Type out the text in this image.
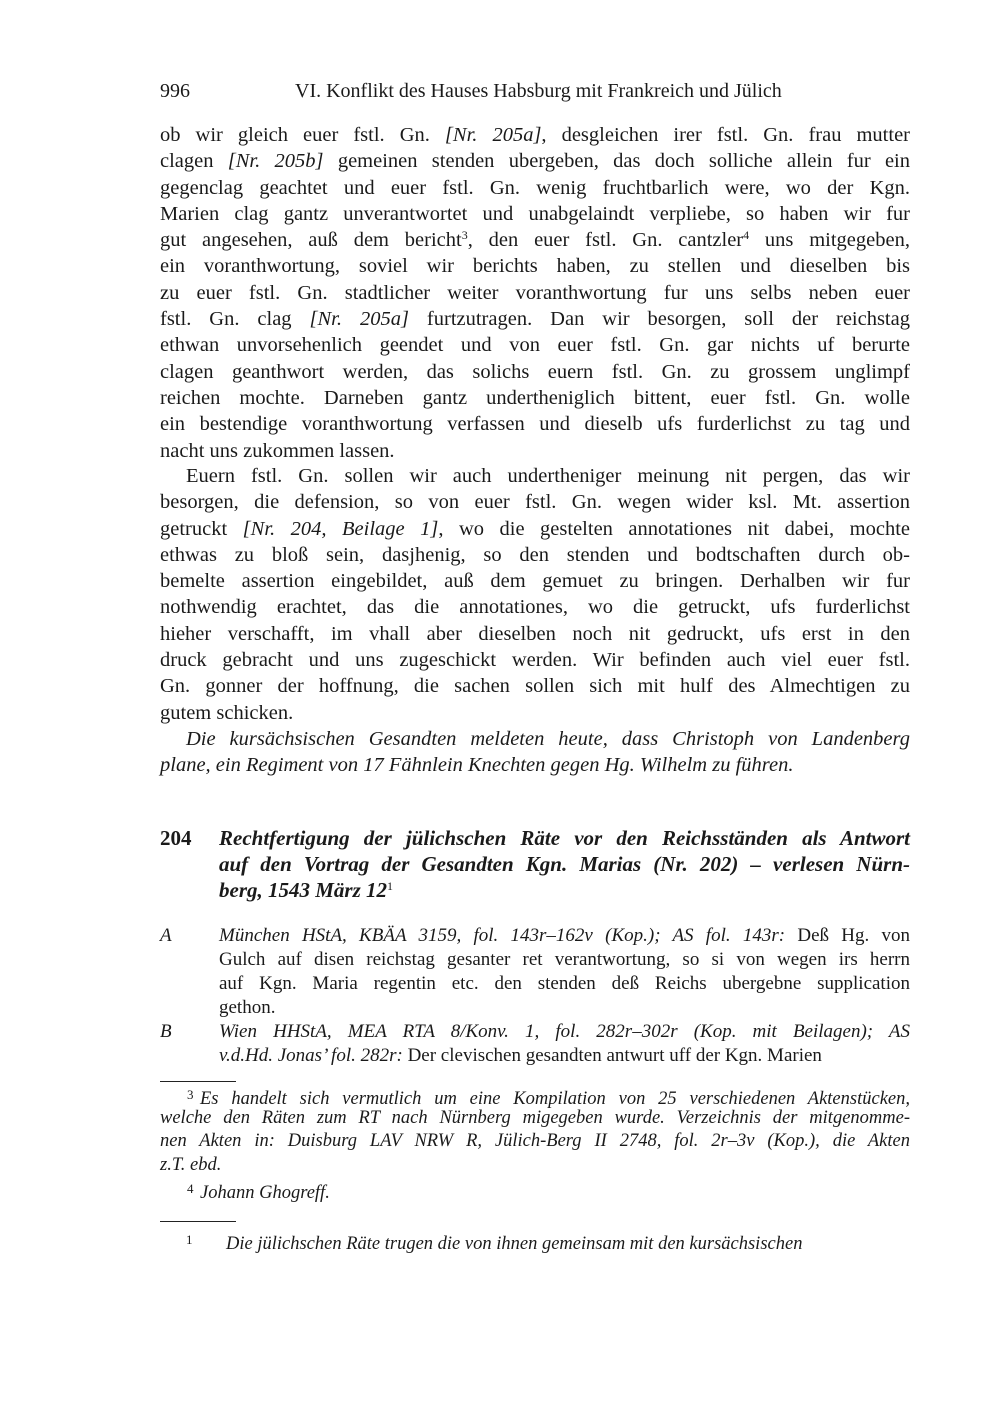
996	VI. Konflikt des Hauses Habsburg mit Frankreich und Jülich
ob wir gleich euer fstl. Gn. [Nr. 205a], desgleichen irer fstl. Gn. frau mutter
clagen [Nr. 205b] gemeinen stenden ubergeben, das doch solliche allein fur ein
gegenclag geachtet und euer fstl. Gn. wenig fruchtbarlich were, wo der Kgn.
Marien clag gantz unverantwortet und unabgelaindt verpliebe, so haben wir fur
gut angesehen, auß dem bericht$^3$, den euer fstl. Gn. cantzler$^4$ uns mitgegeben,
ein voranthwortung, soviel wir berichts haben, zu stellen und dieselben bis
zu euer fstl. Gn. stadtlicher weiter voranthwortung fur uns selbs neben euer
fstl. Gn. clag [Nr. 205a] furtzutragen. Dan wir besorgen, soll der reichstag
ethwan unvorsehenlich geendet und von euer fstl. Gn. gar nichts uf berurte
clagen geanthwort werden, das solichs euern fstl. Gn. zu grossem unglimpf
reichen mochte. Darneben gantz undertheniglich bittent, euer fstl. Gn. wolle
ein bestendige voranthwortung verfassen und dieselb ufs furderlichst zu tag und
nacht uns zukommen lassen.
Euern fstl. Gn. sollen wir auch undertheniger meinung nit pergen, das wir
besorgen, die defension, so von euer fstl. Gn. wegen wider ksl. Mt. assertion
getruckt [Nr. 204, Beilage 1], wo die gestelten annotationes nit dabei, mochte
ethwas zu bloß sein, dasjhenig, so den stenden und bodtschaften durch ob-
bemelte assertion eingebildet, auß dem gemuet zu bringen. Derhalben wir fur
nothwendig erachtet, das die annotationes, wo die getruckt, ufs furderlichst
hieher verschafft, im vhall aber dieselben noch nit gedruckt, ufs erst in den
druck gebracht und uns zugeschickt werden. Wir befinden auch viel euer fstl.
Gn. gonner der hoffnung, die sachen sollen sich mit hulf des Almechtigen zu
gutem schicken.
Die kursächsischen Gesandten meldeten heute, dass Christoph von Landenberg
plane, ein Regiment von 17 Fähnlein Knechten gegen Hg. Wilhelm zu führen.
204 Rechtfertigung der jülichschen Räte vor den Reichsständen als Antwort
auf den Vortrag der Gesandten Kgn. Marias (Nr. 202) – verlesen Nürn-
berg, 1543 März $12^1$
A München HStA, KBÄA 3159, fol. 143r–162v (Kop.); AS fol. 143r: Deß Hg. von
Gulch auf disen reichstag gesanter ret verantwortung, so si von wegen irs herrn
auf Kgn. Maria regentin etc. den stenden deß Reichs ubergebne supplication
gethon.
B Wien HHStA, MEA RTA 8/Konv. 1, fol. 282r–302r (Kop. mit Beilagen); AS
v.d.Hd. Jonas’ fol. 282r: Der clevischen gesandten antwurt uff der Kgn. Marien
3 Es handelt sich vermutlich um eine Kompilation von 25 verschiedenen Aktenstücken,
welche den Räten zum RT nach Nürnberg migegeben wurde. Verzeichnis der mitgenomme-
nen Akten in: Duisburg LAV NRW R, Jülich-Berg II 2748, fol. 2r–3v (Kop.), die Akten
z.T. ebd.
4 Johann Ghogreff.
1 Die jülichschen Räte trugen die von ihnen gemeinsam mit den kursächsischen
